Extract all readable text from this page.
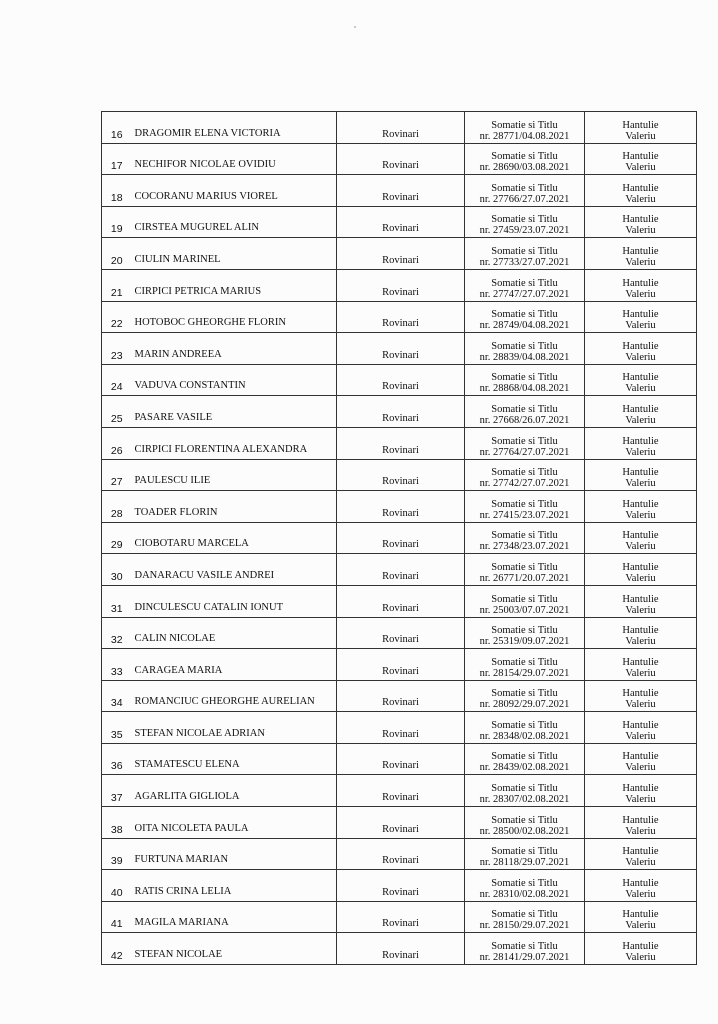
16	DRAGOMIR ELENA VICTORIA	Rovinari	Somatie si Titlu
nr. 28771/04.08.2021	Hantulie
Valeriu

17	NECHIFOR NICOLAE OVIDIU	Rovinari	Somatie si Titlu
nr. 28690/03.08.2021	Hantulie
Valeriu

18	COCORANU MARIUS VIOREL	Rovinari	Somatie si Titlu
nr. 27766/27.07.2021	Hantulie
Valeriu

19	CIRSTEA MUGUREL ALIN	Rovinari	Somatie si Titlu
nr. 27459/23.07.2021	Hantulie
Valeriu

20	CIULIN MARINEL	Rovinari	Somatie si Titlu
nr. 27733/27.07.2021	Hantulie
Valeriu

21	CIRPICI PETRICA MARIUS	Rovinari	Somatie si Titlu
nr. 27747/27.07.2021	Hantulie
Valeriu

22	HOTOBOC GHEORGHE FLORIN	Rovinari	Somatie si Titlu
nr. 28749/04.08.2021	Hantulie
Valeriu

23	MARIN ANDREEA	Rovinari	Somatie si Titlu
nr. 28839/04.08.2021	Hantulie
Valeriu

24	VADUVA CONSTANTIN	Rovinari	Somatie si Titlu
nr. 28868/04.08.2021	Hantulie
Valeriu

25	PASARE VASILE	Rovinari	Somatie si Titlu
nr. 27668/26.07.2021	Hantulie
Valeriu

26	CIRPICI FLORENTINA ALEXANDRA	Rovinari	Somatie si Titlu
nr. 27764/27.07.2021	Hantulie
Valeriu

27	PAULESCU ILIE	Rovinari	Somatie si Titlu
nr. 27742/27.07.2021	Hantulie
Valeriu

28	TOADER FLORIN	Rovinari	Somatie si Titlu
nr. 27415/23.07.2021	Hantulie
Valeriu

29	CIOBOTARU MARCELA	Rovinari	Somatie si Titlu
nr. 27348/23.07.2021	Hantulie
Valeriu

30	DANARACU VASILE ANDREI	Rovinari	Somatie si Titlu
nr. 26771/20.07.2021	Hantulie
Valeriu

31	DINCULESCU CATALIN IONUT	Rovinari	Somatie si Titlu
nr. 25003/07.07.2021	Hantulie
Valeriu

32	CALIN NICOLAE	Rovinari	Somatie si Titlu
nr. 25319/09.07.2021	Hantulie
Valeriu

33	CARAGEA MARIA	Rovinari	Somatie si Titlu
nr. 28154/29.07.2021	Hantulie
Valeriu

34	ROMANCIUC GHEORGHE AURELIAN	Rovinari	Somatie si Titlu
nr. 28092/29.07.2021	Hantulie
Valeriu

35	STEFAN NICOLAE ADRIAN	Rovinari	Somatie si Titlu
nr. 28348/02.08.2021	Hantulie
Valeriu

36	STAMATESCU ELENA	Rovinari	Somatie si Titlu
nr. 28439/02.08.2021	Hantulie
Valeriu

37	AGARLITA GIGLIOLA	Rovinari	Somatie si Titlu
nr. 28307/02.08.2021	Hantulie
Valeriu

38	OITA NICOLETA PAULA	Rovinari	Somatie si Titlu
nr. 28500/02.08.2021	Hantulie
Valeriu

39	FURTUNA MARIAN	Rovinari	Somatie si Titlu
nr. 28118/29.07.2021	Hantulie
Valeriu

40	RATIS CRINA LELIA	Rovinari	Somatie si Titlu
nr. 28310/02.08.2021	Hantulie
Valeriu

41	MAGILA MARIANA	Rovinari	Somatie si Titlu
nr. 28150/29.07.2021	Hantulie
Valeriu

42	STEFAN NICOLAE	Rovinari	Somatie si Titlu
nr. 28141/29.07.2021	Hantulie
Valeriu
